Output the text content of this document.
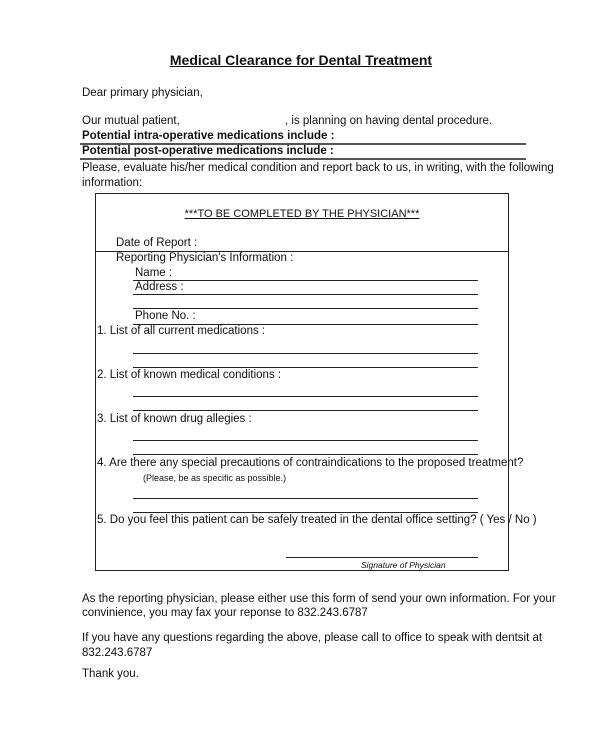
Medical Clearance for Dental Treatment
Dear primary physician,
Our mutual patient,	, is planning on having dental procedure.
Potential intra-operative medications include :
Potential post-operative medications include :
Please, evaluate his/her medical condition and report back to us, in writing, with the following
information:
***TO BE COMPLETED BY THE PHYSICIAN***
Date of Report :
Reporting Physician's Information :
Name :
Address :
Phone No. :
1. List of all current medications :
2. List of known medical conditions :
3. List of known drug allegies :
4. Are there any special precautions of contraindications to the proposed treatment?
(Please, be as specific as possible.)
5. Do you feel this patient can be safely treated in the dental office setting? ( Yes / No )
Signature of Physician
As the reporting physician, please either use this form of send your own information. For your
convinience, you may fax your reponse to 832.243.6787
If you have any questions regarding the above, please call to office to speak with dentsit at
832.243.6787
Thank you.
